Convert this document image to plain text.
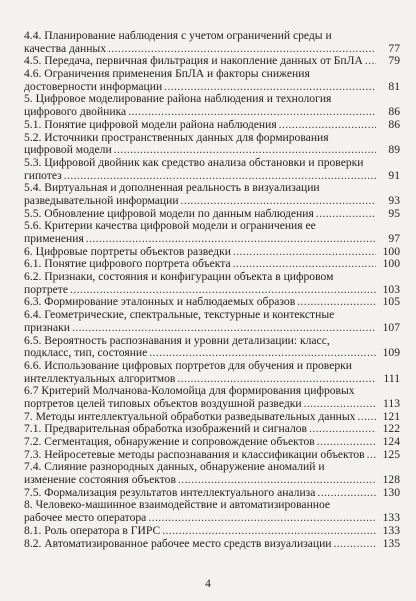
4.4. Планирование наблюдения с учетом ограничений среды и
качества данных .....	77
4.5. Передача, первичная фильтрация и накопление данных от БпЛА .....	79
4.6. Ограничения применения БпЛА и факторы снижения
достоверности информации .....	81
5. Цифровое моделирование района наблюдения и технология
цифрового двойника .....	86
5.1. Понятие цифровой модели района наблюдения .....	86
5.2. Источники пространственных данных для формирования
цифровой модели .....	89
5.3. Цифровой двойник как средство анализа обстановки и проверки
гипотез .....	91
5.4. Виртуальная и дополненная реальность в визуализации
разведывательной информации .....	93
5.5. Обновление цифровой модели по данным наблюдения .....	95
5.6. Критерии качества цифровой модели и ограничения ее
применения .....	97
6. Цифровые портреты объектов разведки .....	100
6.1. Понятие цифрового портрета объекта .....	100
6.2. Признаки, состояния и конфигурации объекта в цифровом
портрете .....	103
6.3. Формирование эталонных и наблюдаемых образов .....	105
6.4. Геометрические, спектральные, текстурные и контекстные
признаки .....	107
6.5. Вероятность распознавания и уровни детализации: класс,
подкласс, тип, состояние .....	109
6.6. Использование цифровых портретов для обучения и проверки
интеллектуальных алгоритмов .....	111
6.7 Критерий Молчанова-Коломойца для формирования цифровых
портретов целей типовых объектов воздушной разведки .....	113
7. Методы интеллектуальной обработки разведывательных данных .....	121
7.1. Предварительная обработка изображений и сигналов .....	122
7.2. Сегментация, обнаружение и сопровождение объектов .....	124
7.3. Нейросетевые методы распознавания и классификации объектов .....	125
7.4. Слияние разнородных данных, обнаружение аномалий и
изменение состояния объектов .....	128
7.5. Формализация результатов интеллектуального анализа .....	130
8. Человеко-машинное взаимодействие и автоматизированное
рабочее место оператора .....	133
8.1. Роль оператора в ГИРС .....	133
8.2. Автоматизированное рабочее место средств визуализации .....	135
4
